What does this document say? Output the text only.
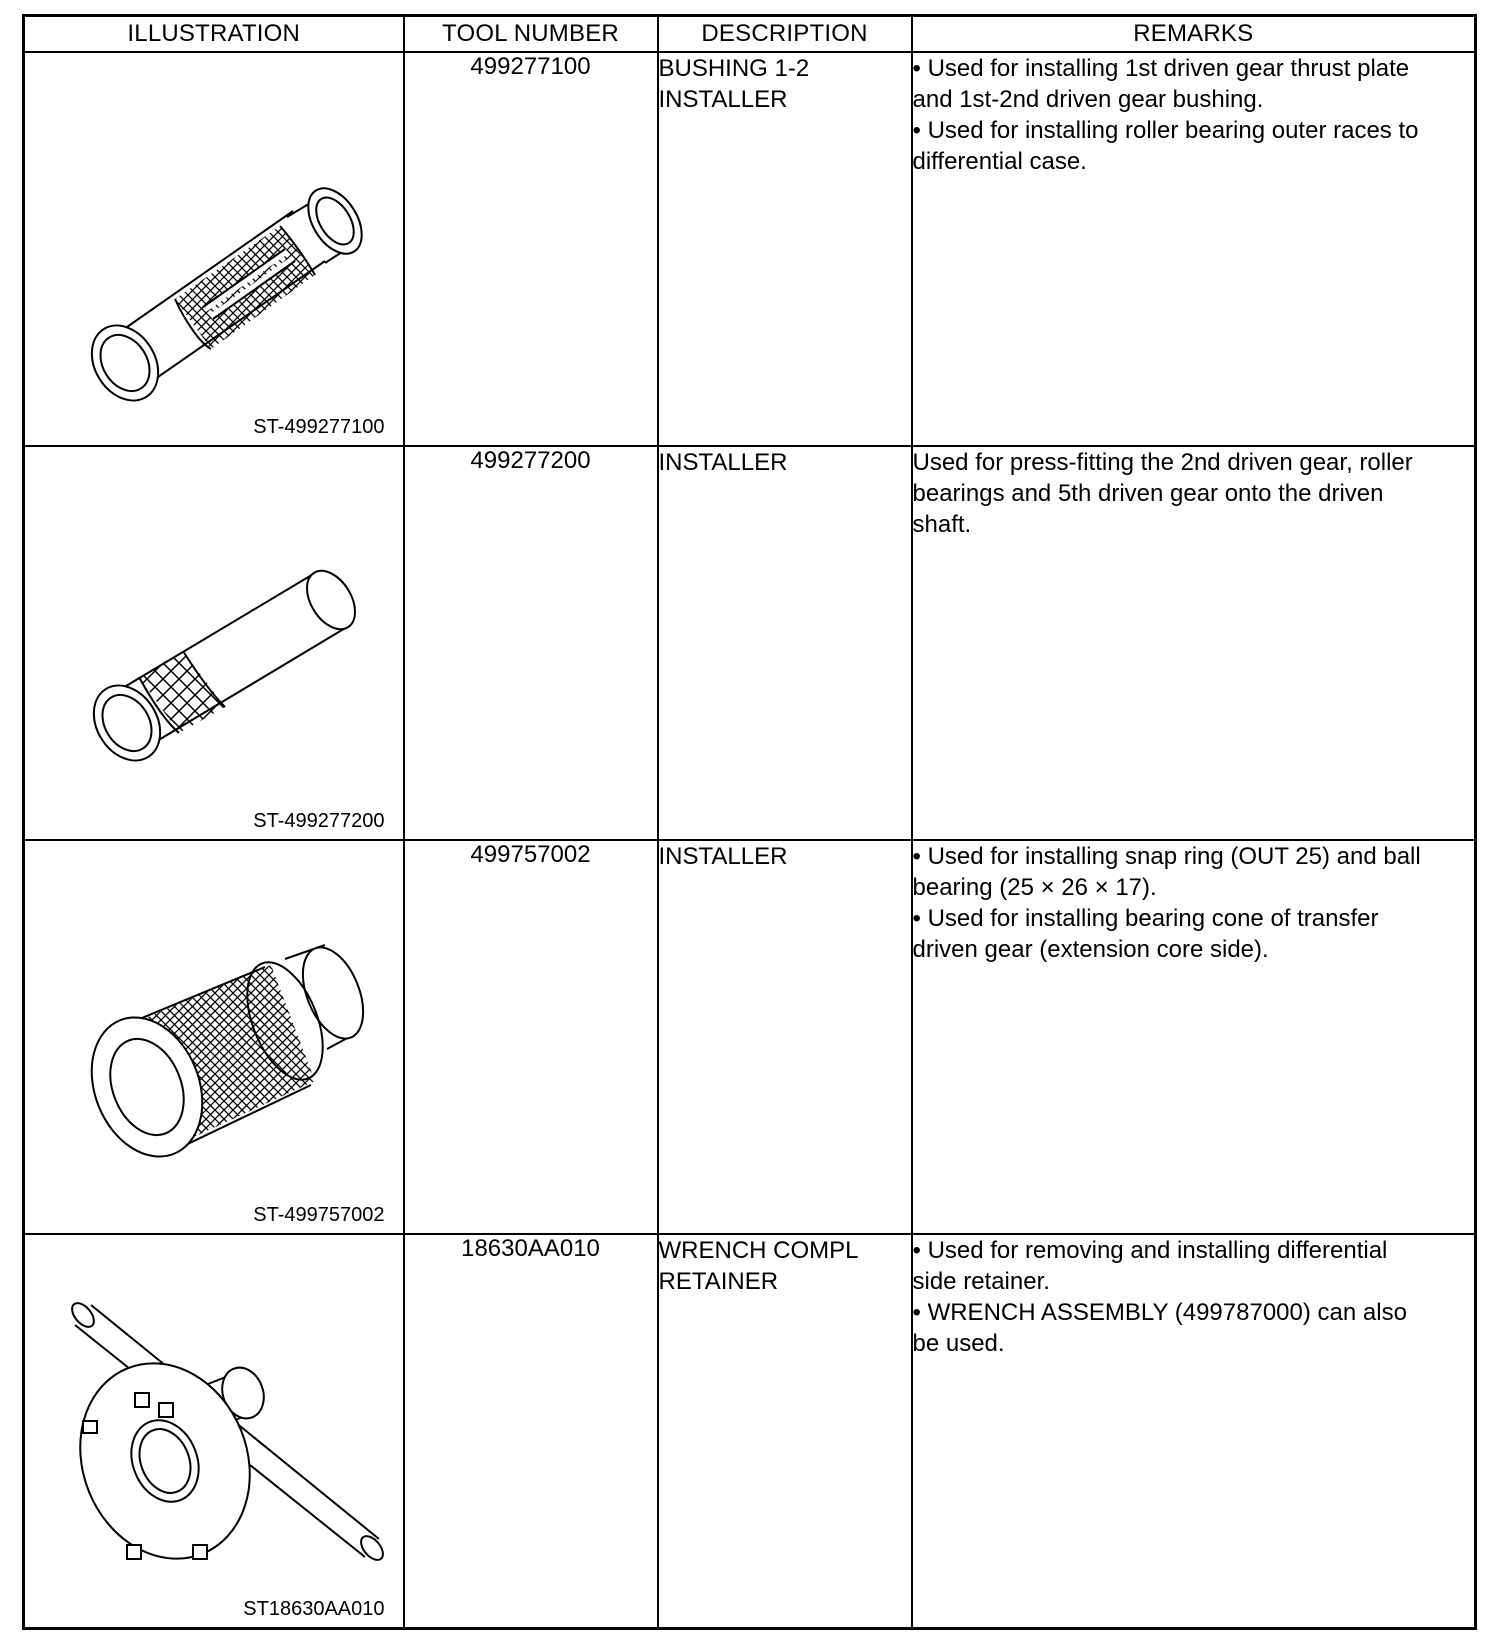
ILLUSTRATION	TOOL NUMBER	DESCRIPTION	REMARKS

ST-499277100	499277100	BUSHING 1-2
INSTALLER	• Used for installing 1st driven gear thrust plate
and 1st-2nd driven gear bushing.
• Used for installing roller bearing outer races to
differential case.

ST-499277200	499277200	INSTALLER	Used for press-fitting the 2nd driven gear, roller
bearings and 5th driven gear onto the driven
shaft.

ST-499757002	499757002	INSTALLER	• Used for installing snap ring (OUT 25) and ball
bearing (25 × 26 × 17).
• Used for installing bearing cone of transfer
driven gear (extension core side).

ST18630AA010	18630AA010	WRENCH COMPL
RETAINER	• Used for removing and installing differential
side retainer.
• WRENCH ASSEMBLY (499787000) can also
be used.
